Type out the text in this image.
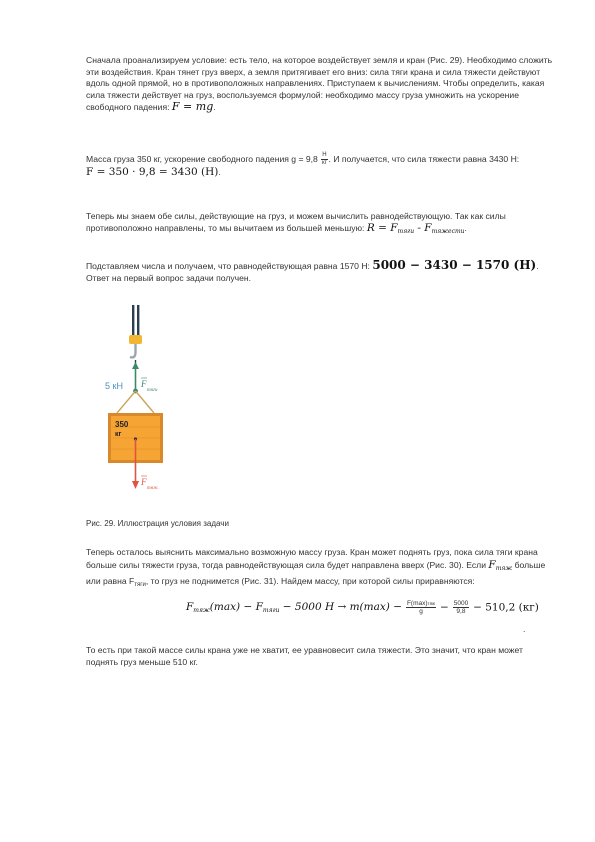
Сначала проанализируем условие: есть тело, на которое воздействует земля и кран (Рис. 29). Необходимо сложить эти воздействия. Кран тянет груз вверх, а земля притягивает его вниз: сила тяги крана и сила тяжести действуют вдоль одной прямой, но в противоположных направлениях. Приступаем к вычислениям. Чтобы определить, какая сила тяжести действует на груз, воспользуемся формулой: необходимо массу груза умножить на ускорение свободного падения: F = mg.

Масса груза 350 кг, ускорение свободного падения $g = 9,8 \frac{Н}{кг}$ . И получается, что сила тяжести равна 3430 Н: F = 350 · 9,8 = 3430 (Н).

Теперь мы знаем обе силы, действующие на груз, и можем вычислить равнодействующую. Так как силы противоположно направлены, то мы вычитаем из большей меньшую: $R = F_{тяги} - F_{тяжести}$.

Подставляем числа и получаем, что равнодействующая равна 1570 Н: 5000 − 3430 − 1570 (Н).
Ответ на первый вопрос задачи получен.

350
кг
5 кН F
тяги
F
тяж.

Рис. 29. Иллюстрация условия задачи

Теперь осталось выяснить максимально возможную массу груза. Кран может поднять груз, пока сила тяги крана больше силы тяжести груза, тогда равнодействующая сила будет направлена вверх (Рис. 30). Если $F_{тяж}$ больше или равна $F_{тяги}$, то груз не поднимется (Рис. 31). Найдем массу, при которой силы приравняются:

$F_{тяж}(\max) - F_{тяги} - 5000$ $Н \to m(\max) - \frac{\text{F(max)тяж}}{g} - \frac{5000}{9,8} - 510,2$ (кг)
.

То есть при такой массе силы крана уже не хватит, ее уравновесит сила тяжести. Это значит, что кран может поднять груз меньше 510 кг.
